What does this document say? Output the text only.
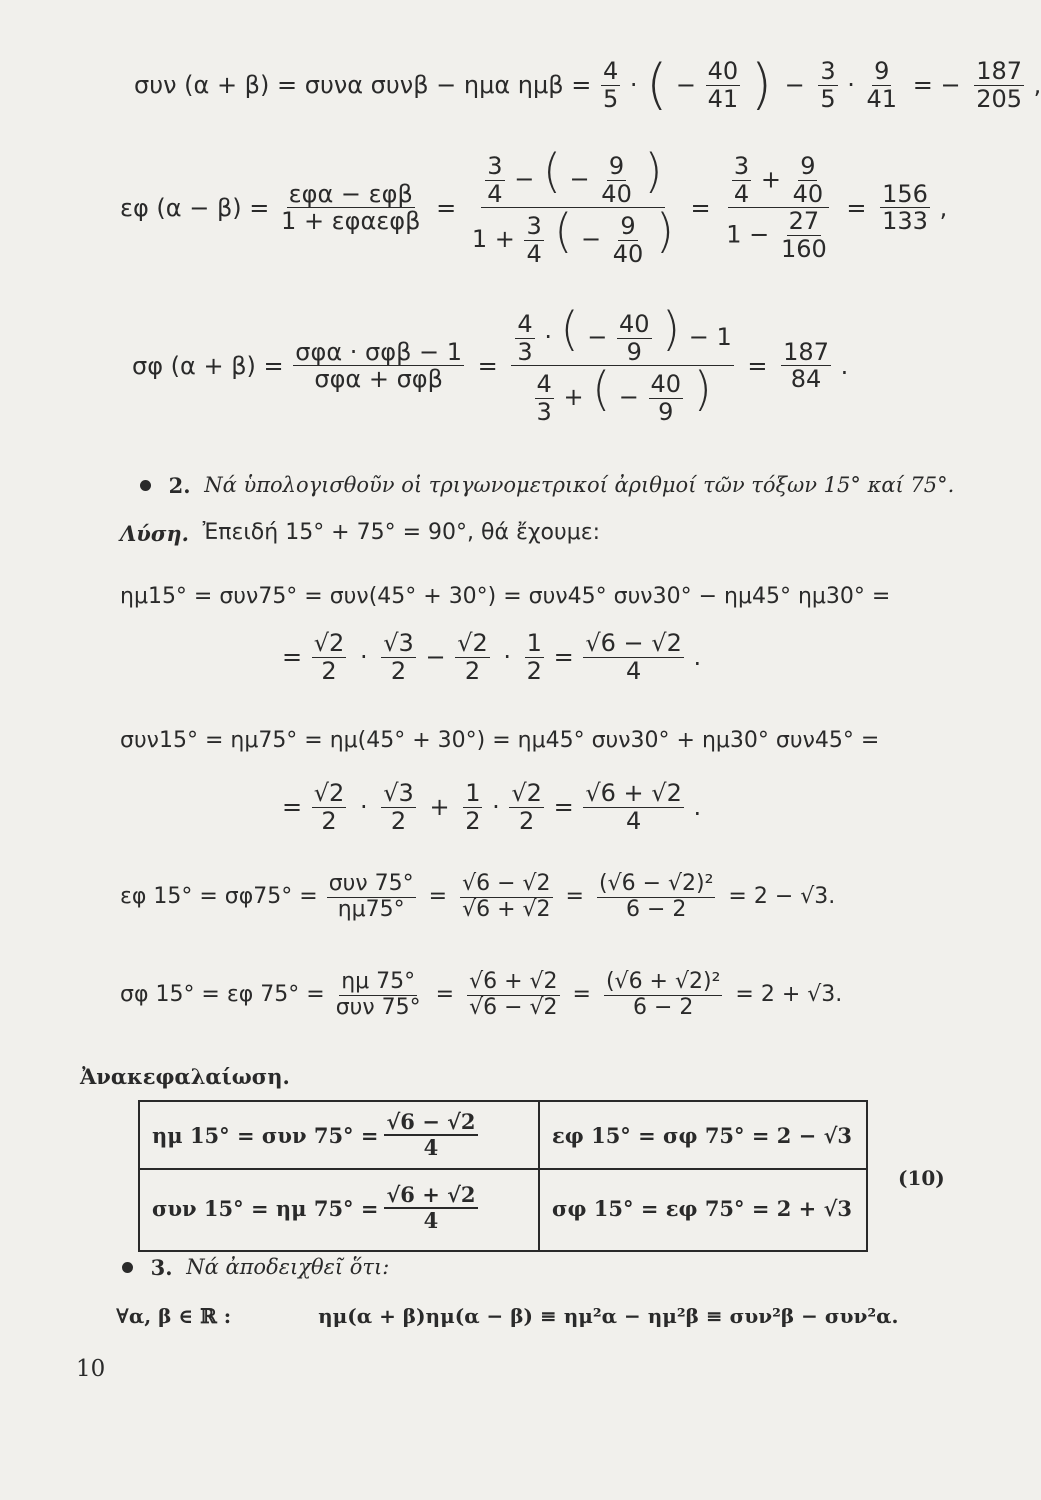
συν (α + β) = συνα συνβ − ημα $\eta\mu\beta = \frac{4}{5}$ · ( − $\frac{40}{41}$ ) − $\frac{3}{5} \cdot \frac{9}{41}$ = − $\frac{187}{205}$ ,
εφ $(\alpha - \beta) = \frac{\text{εφα − εφβ}}{\text{1 + εφαεφβ}} = \frac{\frac{3}{4} - ( - \frac{9}{40} )}{1 + \frac{3}{4} ( - \frac{9}{40} )} = \frac{\frac{3}{4} + \frac{9}{40}}{1 - \frac{27}{160}} = \frac{156}{133}$ ,
σφ $(\alpha + \beta) = \frac{\text{σφα · σφβ − 1}}{\text{σφα + σφβ}} = \frac{\frac{4}{3} \cdot ( - \frac{40}{9} ) - 1}{\frac{4}{3} + ( - \frac{40}{9} )} = \frac{187}{84}$ .
2. Νά ὑπολογισθοῦν οἱ τριγωνομετρικοί ἀριθμοί τῶν τόξων 15° καί 75°.
Λύση. Ἐπειδή 15° + 75° = 90°, θά ἔχουμε:
ημ15° = συν75° = συν(45° + 30°) = συν45° συν30° − ημ45° ημ30° =
= $\frac{√2}{2} \cdot \frac{√3}{2} - \frac{√2}{2} \cdot \frac{1}{2} = \frac{√6 - √2}{4}$ .
συν15° = ημ75° = ημ(45° + 30°) = ημ45° συν30° + ημ30° συν45° =
= $\frac{√2}{2} \cdot \frac{√3}{2} + \frac{1}{2} \cdot \frac{√2}{2} = \frac{√6 + √2}{4}$ .
εφ $15^\circ = \sigma\varphi 75^\circ = \frac{\text{συν 75°}}{\eta\mu 75^\circ} = \frac{√6 - √2}{√6 + √2} = \frac{\text{(√6 − √2)²}}{6 - 2} = 2 - √3$.
σφ 15° = εφ $75^\circ = \frac{\eta\mu 75^\circ}{\text{συν 75°}} = \frac{√6 + √2}{√6 - √2} = \frac{\text{(√6 + √2)²}}{6 - 2} = 2 + √3$.
Ἀνακεφαλαίωση.
ημ 15° = συν $75^\circ = \frac{√6 - √2}{4}$	εφ 15° = σφ 75° = 2 − √3
συν 15° = ημ $75^\circ = \frac{√6 + √2}{4}$	σφ 15° = εφ 75° = 2 + √3
(10)
3. Νά ἀποδειχθεῖ ὅτι:
∀α, β ∈ ℝ :	ημ(α + β)ημ(α − β) ≡ ημ²α − ημ²β ≡ συν²β − συν²α.
10
